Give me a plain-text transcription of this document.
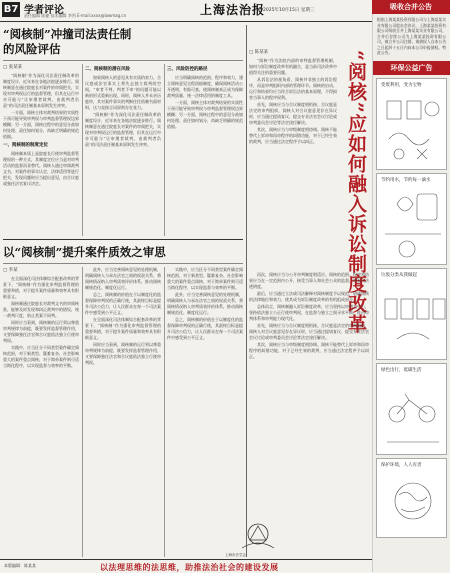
B7 学者评论
责任编辑 陈捷 技术编辑 李剑 E-mail:xxxx@lawmag.cn	上海法治报
2025年10月15日 星期三	吸收合并公告
“阅核制”冲撞司法责任制
的风险评估
□ 张某某

“阅核制”作为深化司法责任制改革的制度设计，近年来在各地法院逐步推行。阅核制意在通过院庭长对案件的审阅把关，实现对审判权运行的监督管理，但其在运行中亦可能与“让审理者裁判、由裁判者负责”的司法责任制基本原则发生冲突。

一方面，阅核主体对裁判结果的实质性干预可能导致审判权与审判监督管理权边界模糊；另一方面，阅核过程中的意见分歧如何处理、责任如何划分，尚缺乏明确的规范依据。

一、阅核制的制度定位

阅核制本质上是院庭长行使审判监督管理权的一种方式，其制度定位应当是对审判活动的监督而非替代。阅核人通过审阅裁判文书，对案件的事实认定、法律适用等进行把关，发现问题时应当提出意见，由合议庭或独任法官复议决定。

二、阅核制的潜在风险

如果阅核人的意见具有实质约束力，合议庭或法官事实上将失去独立裁判的空间，“审者不判、判者不审”的问题可能以新的形式重新出现。同时，阅核人并未亲历庭审，其对案件事实的判断往往依赖书面材料，这与直接言词原则存在张力。

“阅核制”作为深化司法责任制改革的制度设计，近年来在各地法院逐步推行。阅核制意在通过院庭长对案件的审阅把关，实现对审判权运行的监督管理，但其在运行中亦可能与“让审理者裁判、由裁判者负责”的司法责任制基本原则发生冲突。

三、风险防控的路径

应当明确阅核的范围、程序和效力，建立阅核意见全程留痕制度，确保阅核活动公开透明、有据可查，使阅核制真正成为保障裁判质量、统一法律适用的制度工具。

一方面，阅核主体对裁判结果的实质性干预可能导致审判权与审判监督管理权边界模糊；另一方面，阅核过程中的意见分歧如何处理、责任如何划分，尚缺乏明确的规范依据。

以“阅核制”提升案件质效之审思
□ 李某

在全面深化司法体制综合配套改革的背景下，“阅核制”作为强化审判监督管理的重要举措，对于提升案件质量和效率具有积极意义。

阅核制通过院庭长对裁判文书的审阅核准，能够及时发现和纠正裁判中的错误，统一裁判尺度，防止类案不同判。

同时应当看到，阅核制的运行须以尊重审判规律为前提，既要发挥监督管理作用，又要保障独任法官和合议庭依法独立行使审判权。

实践中，应当区分不同类型案件确定阅核范围，对于新类型、疑难复杂、社会影响重大的案件重点阅核，对于简单案件则可适当简化程序，以实现监督与效率的平衡。

此外，应当完善阅核意见的处理机制，明确阅核人与承办法官之间的权责关系，将阅核情况纳入审判质效评价体系，推动阅核制规范化、制度化运行。

总之，阅核制的价值在于以制度化的监督保障审判权的正确行使，其最终目标是提升司法公信力，让人民群众在每一个司法案件中感受到公平正义。

在全面深化司法体制综合配套改革的背景下，“阅核制”作为强化审判监督管理的重要举措，对于提升案件质量和效率具有积极意义。

同时应当看到，阅核制的运行须以尊重审判规律为前提，既要发挥监督管理作用，又要保障独任法官和合议庭依法独立行使审判权。

实践中，应当区分不同类型案件确定阅核范围，对于新类型、疑难复杂、社会影响重大的案件重点阅核，对于简单案件则可适当简化程序，以实现监督与效率的平衡。

此外，应当完善阅核意见的处理机制，明确阅核人与承办法官之间的权责关系，将阅核情况纳入审判质效评价体系，推动阅核制规范化、制度化运行。

总之，阅核制的价值在于以制度化的监督保障审判权的正确行使，其最终目标是提升司法公信力，让人民群众在每一个司法案件中感受到公平正义。

□ 陈某某	“阅核”应如何融入诉讼制度改革

“阅核”作为法院内部的审判监督管理机制，如何与诉讼制度改革有机融合，是当前司法改革中值得关注的重要问题。

从诉讼法的视角看，阅核并非独立的诉讼程序，而是审判组织内部的管理环节。阅核的启动、运行和结果均应当符合诉讼法的基本原理，不得损害当事人的程序权利。

首先，阅核应当与合议制度相衔接。合议庭是法定的审判组织，阅核人对合议庭意见存在异议时，应当通过提请复议、提交专业法官会议讨论或审判委员会讨论等法定途径解决。

其次，阅核应当与审级制度相协调。阅核不能替代上诉审和再审程序的纠错功能，对于已经生效的裁判，应当通过法定程序予以纠正。

再次，阅核应当与公开审判制度相适应。阅核的范围、程序和结果应当在一定范围内公开，接受当事人和社会公众的监督，增强司法透明度。

最后，应当通过立法或司法解释对阅核制度予以规范，明确阅核的法律地位和效力，使其成为诉讼制度改革的有机组成部分。

总体而言，阅核制融入诉讼制度改革，应当坚持以审判为中心，坚持依法独立公正行使审判权，在监督与独立之间寻求平衡，推动审判体系和审判能力现代化。

首先，阅核应当与合议制度相衔接。合议庭是法定的审判组织，阅核人对合议庭意见存在异议时，应当通过提请复议、提交专业法官会议讨论或审判委员会讨论等法定途径解决。

其次，阅核应当与审级制度相协调。阅核不能替代上诉审和再审程序的纠错功能，对于已经生效的裁判，应当通过法定程序予以纠正。

上海市法学会
根据上海某某投资有限公司与上海某某实业有限公司股东会决议，上海某某投资有限公司吸收合并上海某某实业有限公司，合并后存续公司为上海某某投资有限公司，被合并公司注销。请债权人自本公告之日起四十五日内向本公司申报债权。特此公告。
环保公益广告
变废利用，变为宝物
节约用水，节约每一滴水
垃圾分类从我做起
绿色出行，低碳生活
保护环境，人人有责
本版编辑：陈某某	以法理思维的法思维，助推法治社会的建设发展
